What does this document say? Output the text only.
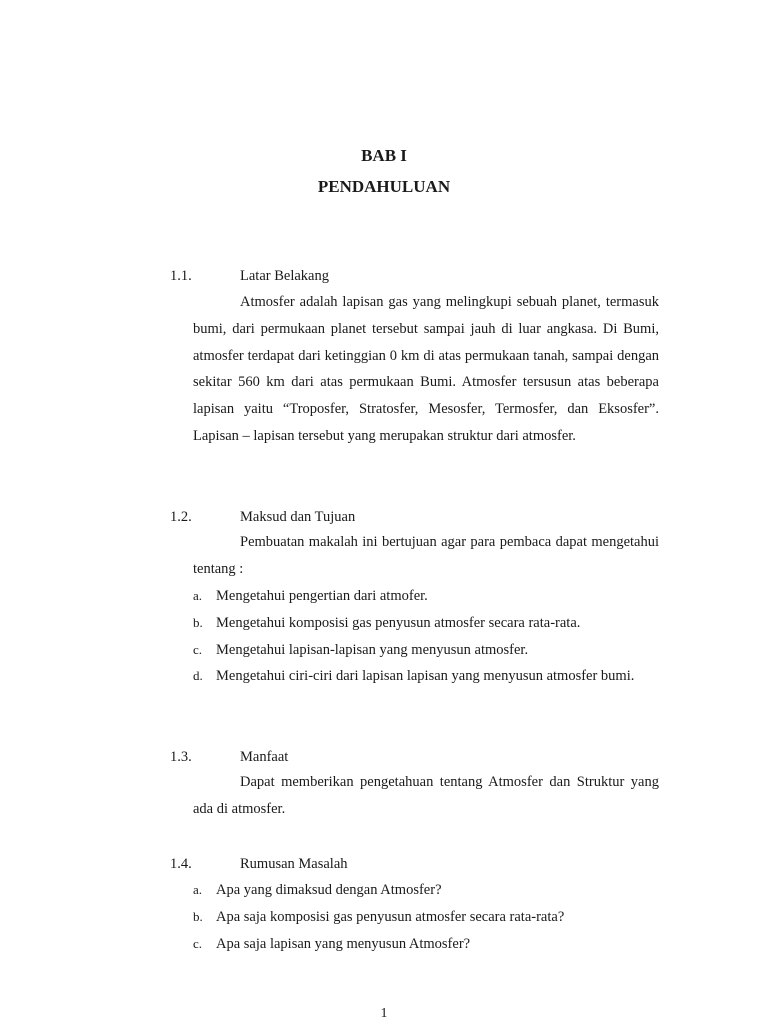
BAB I
PENDAHULUAN
1.1.	Latar Belakang

Atmosfer adalah lapisan gas yang melingkupi sebuah planet, termasuk bumi, dari permukaan planet tersebut sampai jauh di luar angkasa. Di Bumi, atmosfer terdapat dari ketinggian 0 km di atas permukaan tanah, sampai dengan sekitar 560 km dari atas permukaan Bumi. Atmosfer tersusun atas beberapa lapisan yaitu “Troposfer, Stratosfer, Mesosfer, Termosfer, dan Eksosfer”. Lapisan – lapisan tersebut yang merupakan struktur dari atmosfer.

1.2.	Maksud dan Tujuan

Pembuatan makalah ini bertujuan agar para pembaca dapat mengetahui tentang :

a. Mengetahui pengertian dari atmofer.
b. Mengetahui komposisi gas penyusun atmosfer secara rata-rata.
c. Mengetahui lapisan-lapisan yang menyusun atmosfer.
d. Mengetahui ciri-ciri dari lapisan lapisan yang menyusun atmosfer bumi.
1.3.	Manfaat

Dapat memberikan pengetahuan tentang Atmosfer dan Struktur yang ada di atmosfer.

1.4.	Rumusan Masalah
a. Apa yang dimaksud dengan Atmosfer?
b. Apa saja komposisi gas penyusun atmosfer secara rata-rata?
c. Apa saja lapisan yang menyusun Atmosfer?
1
